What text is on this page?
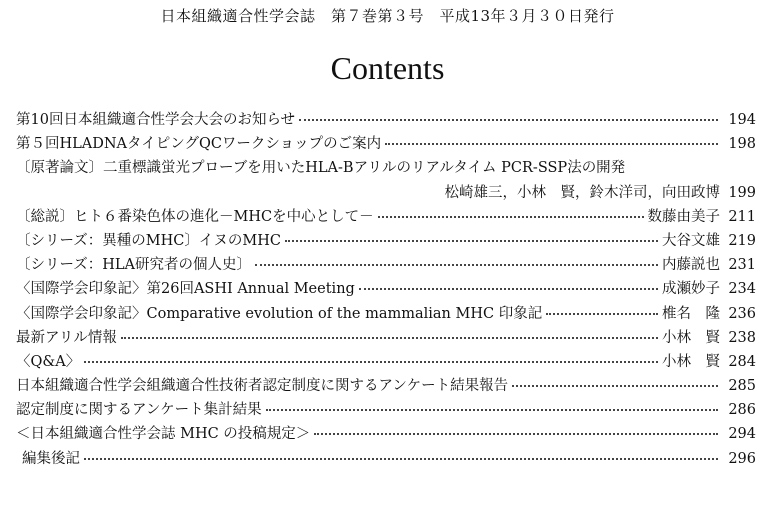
日本組織適合性学会誌　第７巻第３号　平成13年３月３０日発行
Contents
第10回日本組織適合性学会大会のお知らせ	194
第５回HLADNAタイピングQCワークショップのご案内	198
〔原著論文〕二重標識蛍光プローブを用いたHLA-Bアリルのリアルタイム PCR-SSP法の開発
松崎雄三，小林　賢，鈴木洋司，向田政博 199
〔総説〕ヒト６番染色体の進化－MHCを中心として－	数藤由美子 211
〔シリーズ：異種のMHC〕イヌのMHC	大谷文雄 219
〔シリーズ：HLA研究者の個人史〕	内藤説也 231
〈国際学会印象記〉第26回ASHI Annual Meeting	成瀬妙子 234
〈国際学会印象記〉Comparative evolution of the mammalian MHC 印象記	椎名　隆 236
最新アリル情報	小林　賢 238
〈Q&A〉	小林　賢 284
日本組織適合性学会組織適合性技術者認定制度に関するアンケート結果報告	285
認定制度に関するアンケート集計結果	286
＜日本組織適合性学会誌 MHC の投稿規定＞	294
編集後記	296
